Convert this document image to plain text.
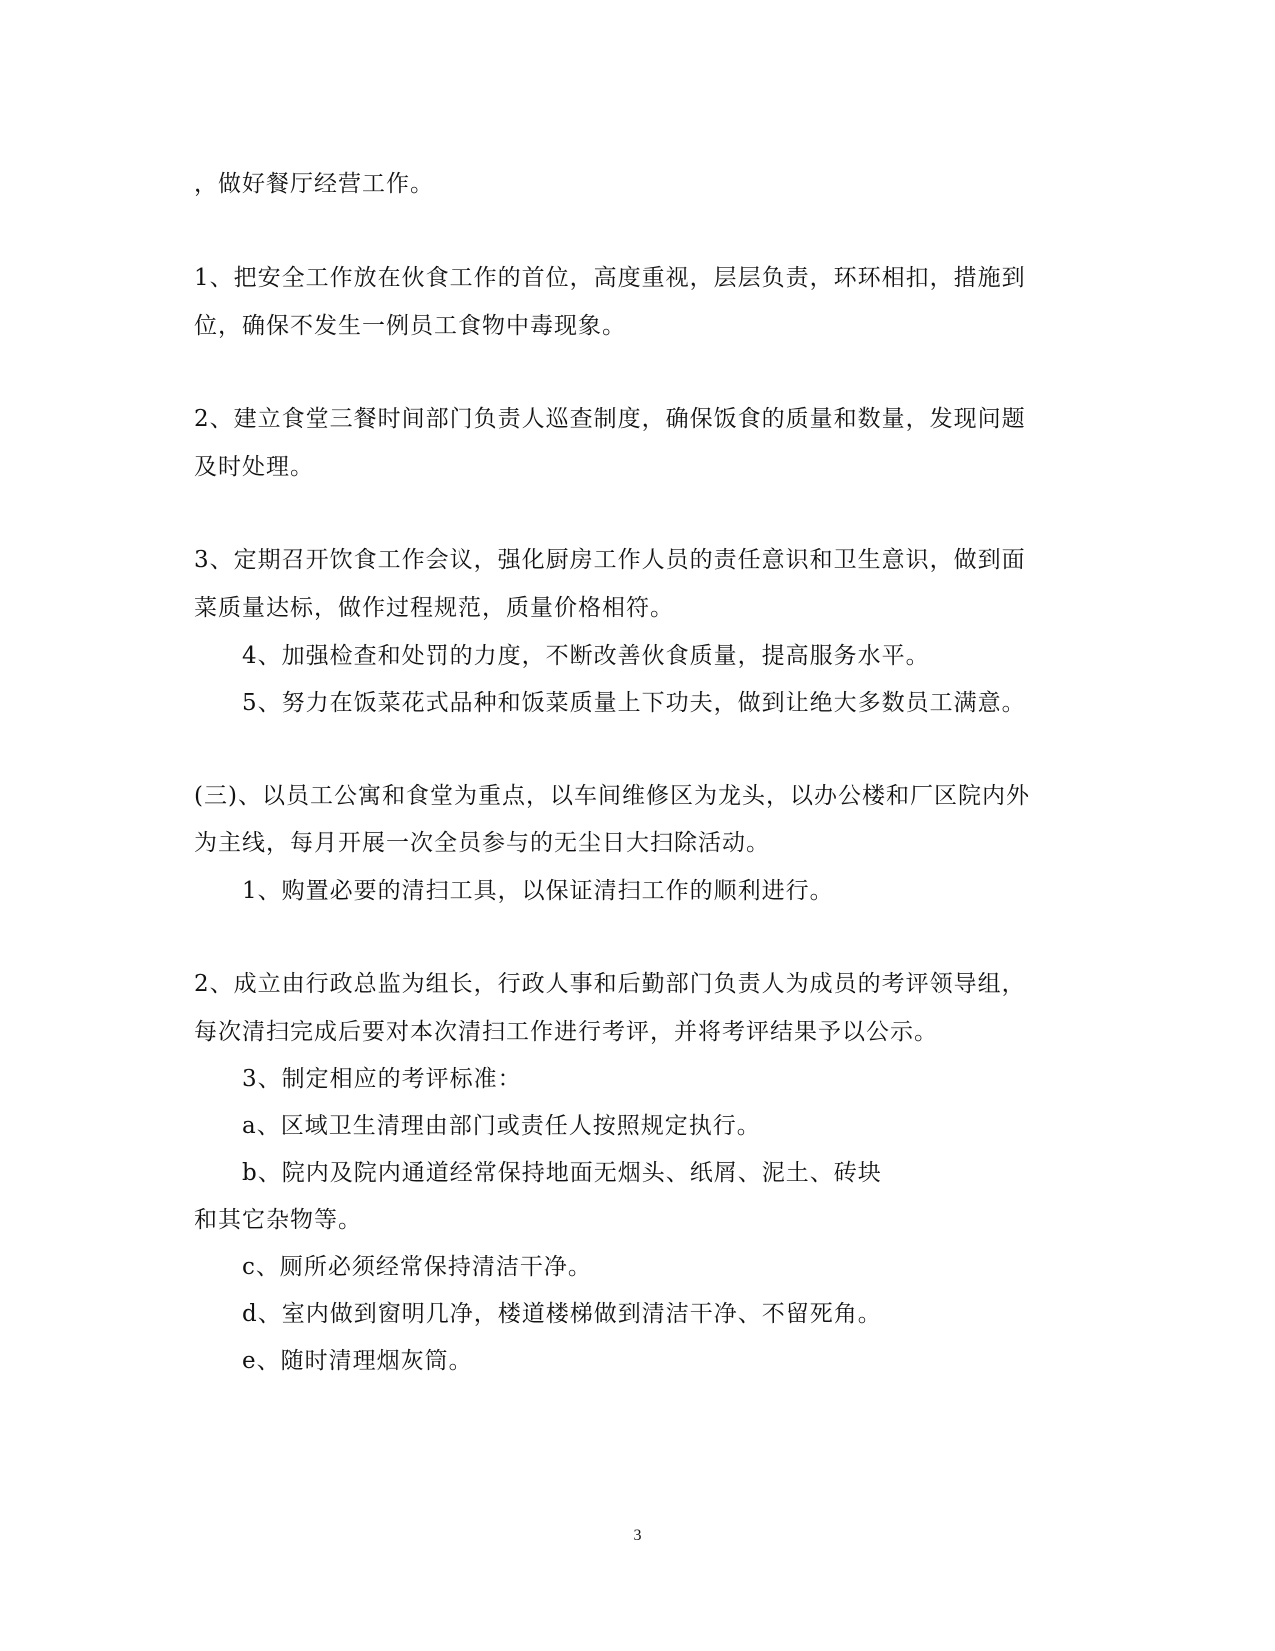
，做好餐厅经营工作。
1、把安全工作放在伙食工作的首位，高度重视，层层负责，环环相扣，措施到
位，确保不发生一例员工食物中毒现象。
2、建立食堂三餐时间部门负责人巡查制度，确保饭食的质量和数量，发现问题
及时处理。
3、定期召开饮食工作会议，强化厨房工作人员的责任意识和卫生意识，做到面
菜质量达标，做作过程规范，质量价格相符。
4、加强检查和处罚的力度，不断改善伙食质量，提高服务水平。
5、努力在饭菜花式品种和饭菜质量上下功夫，做到让绝大多数员工满意。
(三)、以员工公寓和食堂为重点，以车间维修区为龙头，以办公楼和厂区院内外
为主线，每月开展一次全员参与的无尘日大扫除活动。
1、购置必要的清扫工具，以保证清扫工作的顺利进行。
2、成立由行政总监为组长，行政人事和后勤部门负责人为成员的考评领导组，
每次清扫完成后要对本次清扫工作进行考评，并将考评结果予以公示。
3、制定相应的考评标准：
a、区域卫生清理由部门或责任人按照规定执行。
b、院内及院内通道经常保持地面无烟头、纸屑、泥土、砖块
和其它杂物等。
c、厕所必须经常保持清洁干净。
d、室内做到窗明几净，楼道楼梯做到清洁干净、不留死角。
e、随时清理烟灰筒。
3
